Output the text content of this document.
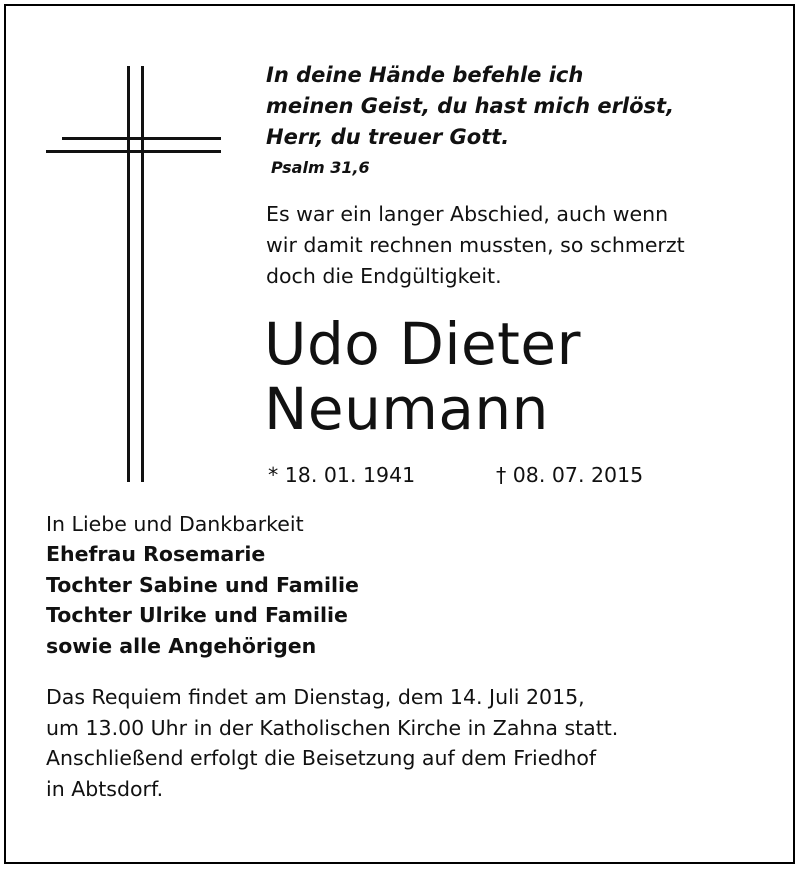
In deine Hände befehle ich
meinen Geist, du hast mich erlöst,
Herr, du treuer Gott.
Psalm 31,6
Es war ein langer Abschied, auch wenn
wir damit rechnen mussten, so schmerzt
doch die Endgültigkeit.
Udo Dieter
Neumann
* 18. 01. 1941	† 08. 07. 2015
In Liebe und Dankbarkeit
Ehefrau Rosemarie
Tochter Sabine und Familie
Tochter Ulrike und Familie
sowie alle Angehörigen
Das Requiem findet am Dienstag, dem 14. Juli 2015,
um 13.00 Uhr in der Katholischen Kirche in Zahna statt.
Anschließend erfolgt die Beisetzung auf dem Friedhof
in Abtsdorf.
